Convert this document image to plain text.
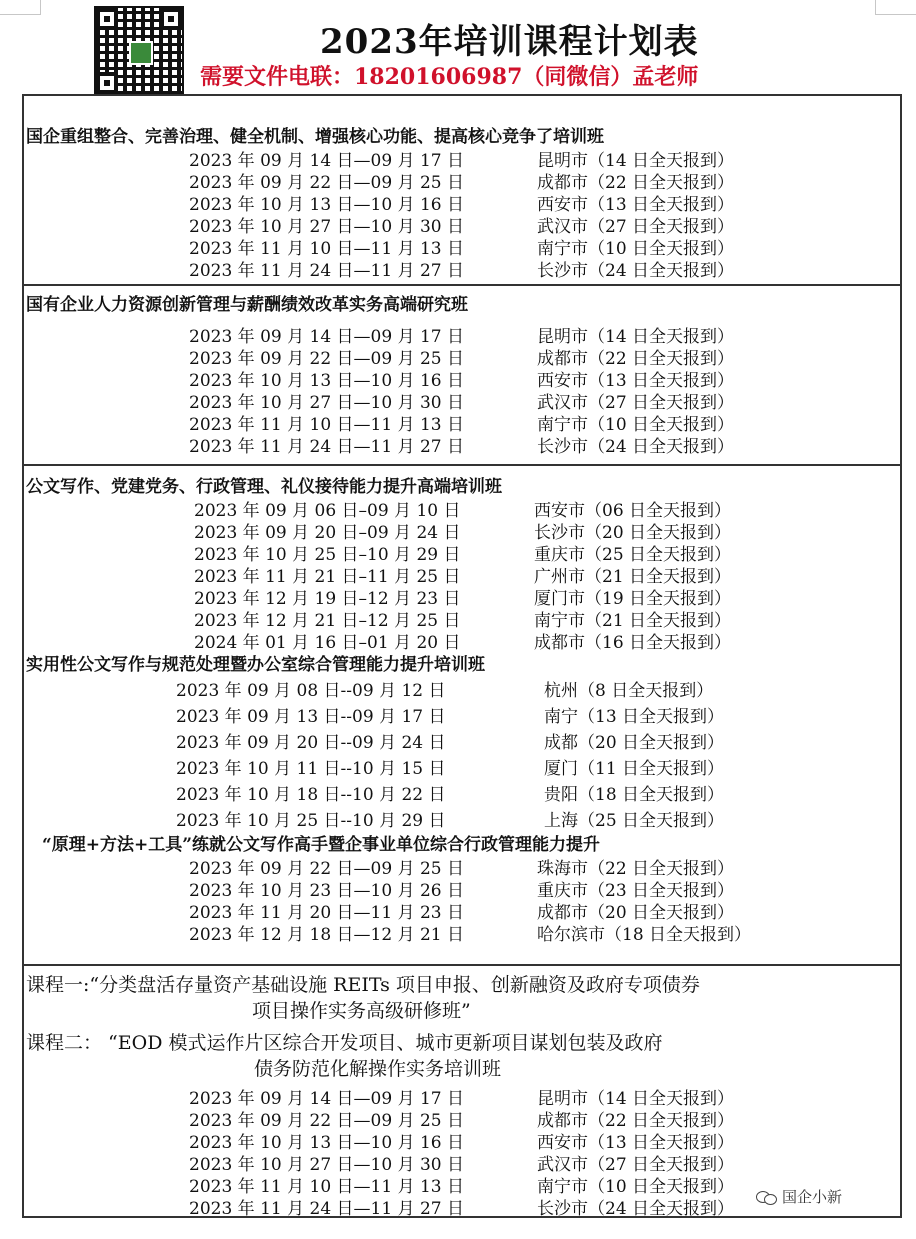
2023年培训课程计划表
需要文件电联：18201606987（同微信）孟老师
国企重组整合、完善治理、健全机制、增强核心功能、提高核心竞争了培训班
2023 年 09 月 14 日—09 月 17 日	昆明市（14 日全天报到）
2023 年 09 月 22 日—09 月 25 日	成都市（22 日全天报到）
2023 年 10 月 13 日—10 月 16 日	西安市（13 日全天报到）
2023 年 10 月 27 日—10 月 30 日	武汉市（27 日全天报到）
2023 年 11 月 10 日—11 月 13 日	南宁市（10 日全天报到）
2023 年 11 月 24 日—11 月 27 日	长沙市（24 日全天报到）
国有企业人力资源创新管理与薪酬绩效改革实务高端研究班
2023 年 09 月 14 日—09 月 17 日	昆明市（14 日全天报到）
2023 年 09 月 22 日—09 月 25 日	成都市（22 日全天报到）
2023 年 10 月 13 日—10 月 16 日	西安市（13 日全天报到）
2023 年 10 月 27 日—10 月 30 日	武汉市（27 日全天报到）
2023 年 11 月 10 日—11 月 13 日	南宁市（10 日全天报到）
2023 年 11 月 24 日—11 月 27 日	长沙市（24 日全天报到）
公文写作、党建党务、行政管理、礼仪接待能力提升高端培训班
2023 年 09 月 06 日–09 月 10 日	西安市（06 日全天报到）
2023 年 09 月 20 日–09 月 24 日	长沙市（20 日全天报到）
2023 年 10 月 25 日–10 月 29 日	重庆市（25 日全天报到）
2023 年 11 月 21 日–11 月 25 日	广州市（21 日全天报到）
2023 年 12 月 19 日–12 月 23 日	厦门市（19 日全天报到）
2023 年 12 月 21 日–12 月 25 日	南宁市（21 日全天报到）
2024 年 01 月 16 日–01 月 20 日	成都市（16 日全天报到）
实用性公文写作与规范处理暨办公室综合管理能力提升培训班
2023 年 09 月 08 日--09 月 12 日	杭州（8 日全天报到）
2023 年 09 月 13 日--09 月 17 日	南宁（13 日全天报到）
2023 年 09 月 20 日--09 月 24 日	成都（20 日全天报到）
2023 年 10 月 11 日--10 月 15 日	厦门（11 日全天报到）
2023 年 10 月 18 日--10 月 22 日	贵阳（18 日全天报到）
2023 年 10 月 25 日--10 月 29 日	上海（25 日全天报到）
“原理+方法+工具”练就公文写作高手暨企事业单位综合行政管理能力提升
2023 年 09 月 22 日—09 月 25 日	珠海市（22 日全天报到）
2023 年 10 月 23 日—10 月 26 日	重庆市（23 日全天报到）
2023 年 11 月 20 日—11 月 23 日	成都市（20 日全天报到）
2023 年 12 月 18 日—12 月 21 日	哈尔滨市（18 日全天报到）
课程一:“分类盘活存量资产基础设施 REITs 项目申报、创新融资及政府专项债券
项目操作实务高级研修班”
课程二： “EOD 模式运作片区综合开发项目、城市更新项目谋划包装及政府
债务防范化解操作实务培训班
2023 年 09 月 14 日—09 月 17 日	昆明市（14 日全天报到）
2023 年 09 月 22 日—09 月 25 日	成都市（22 日全天报到）
2023 年 10 月 13 日—10 月 16 日	西安市（13 日全天报到）
2023 年 10 月 27 日—10 月 30 日	武汉市（27 日全天报到）
2023 年 11 月 10 日—11 月 13 日	南宁市（10 日全天报到）
2023 年 11 月 24 日—11 月 27 日	长沙市（24 日全天报到）
国企小新
